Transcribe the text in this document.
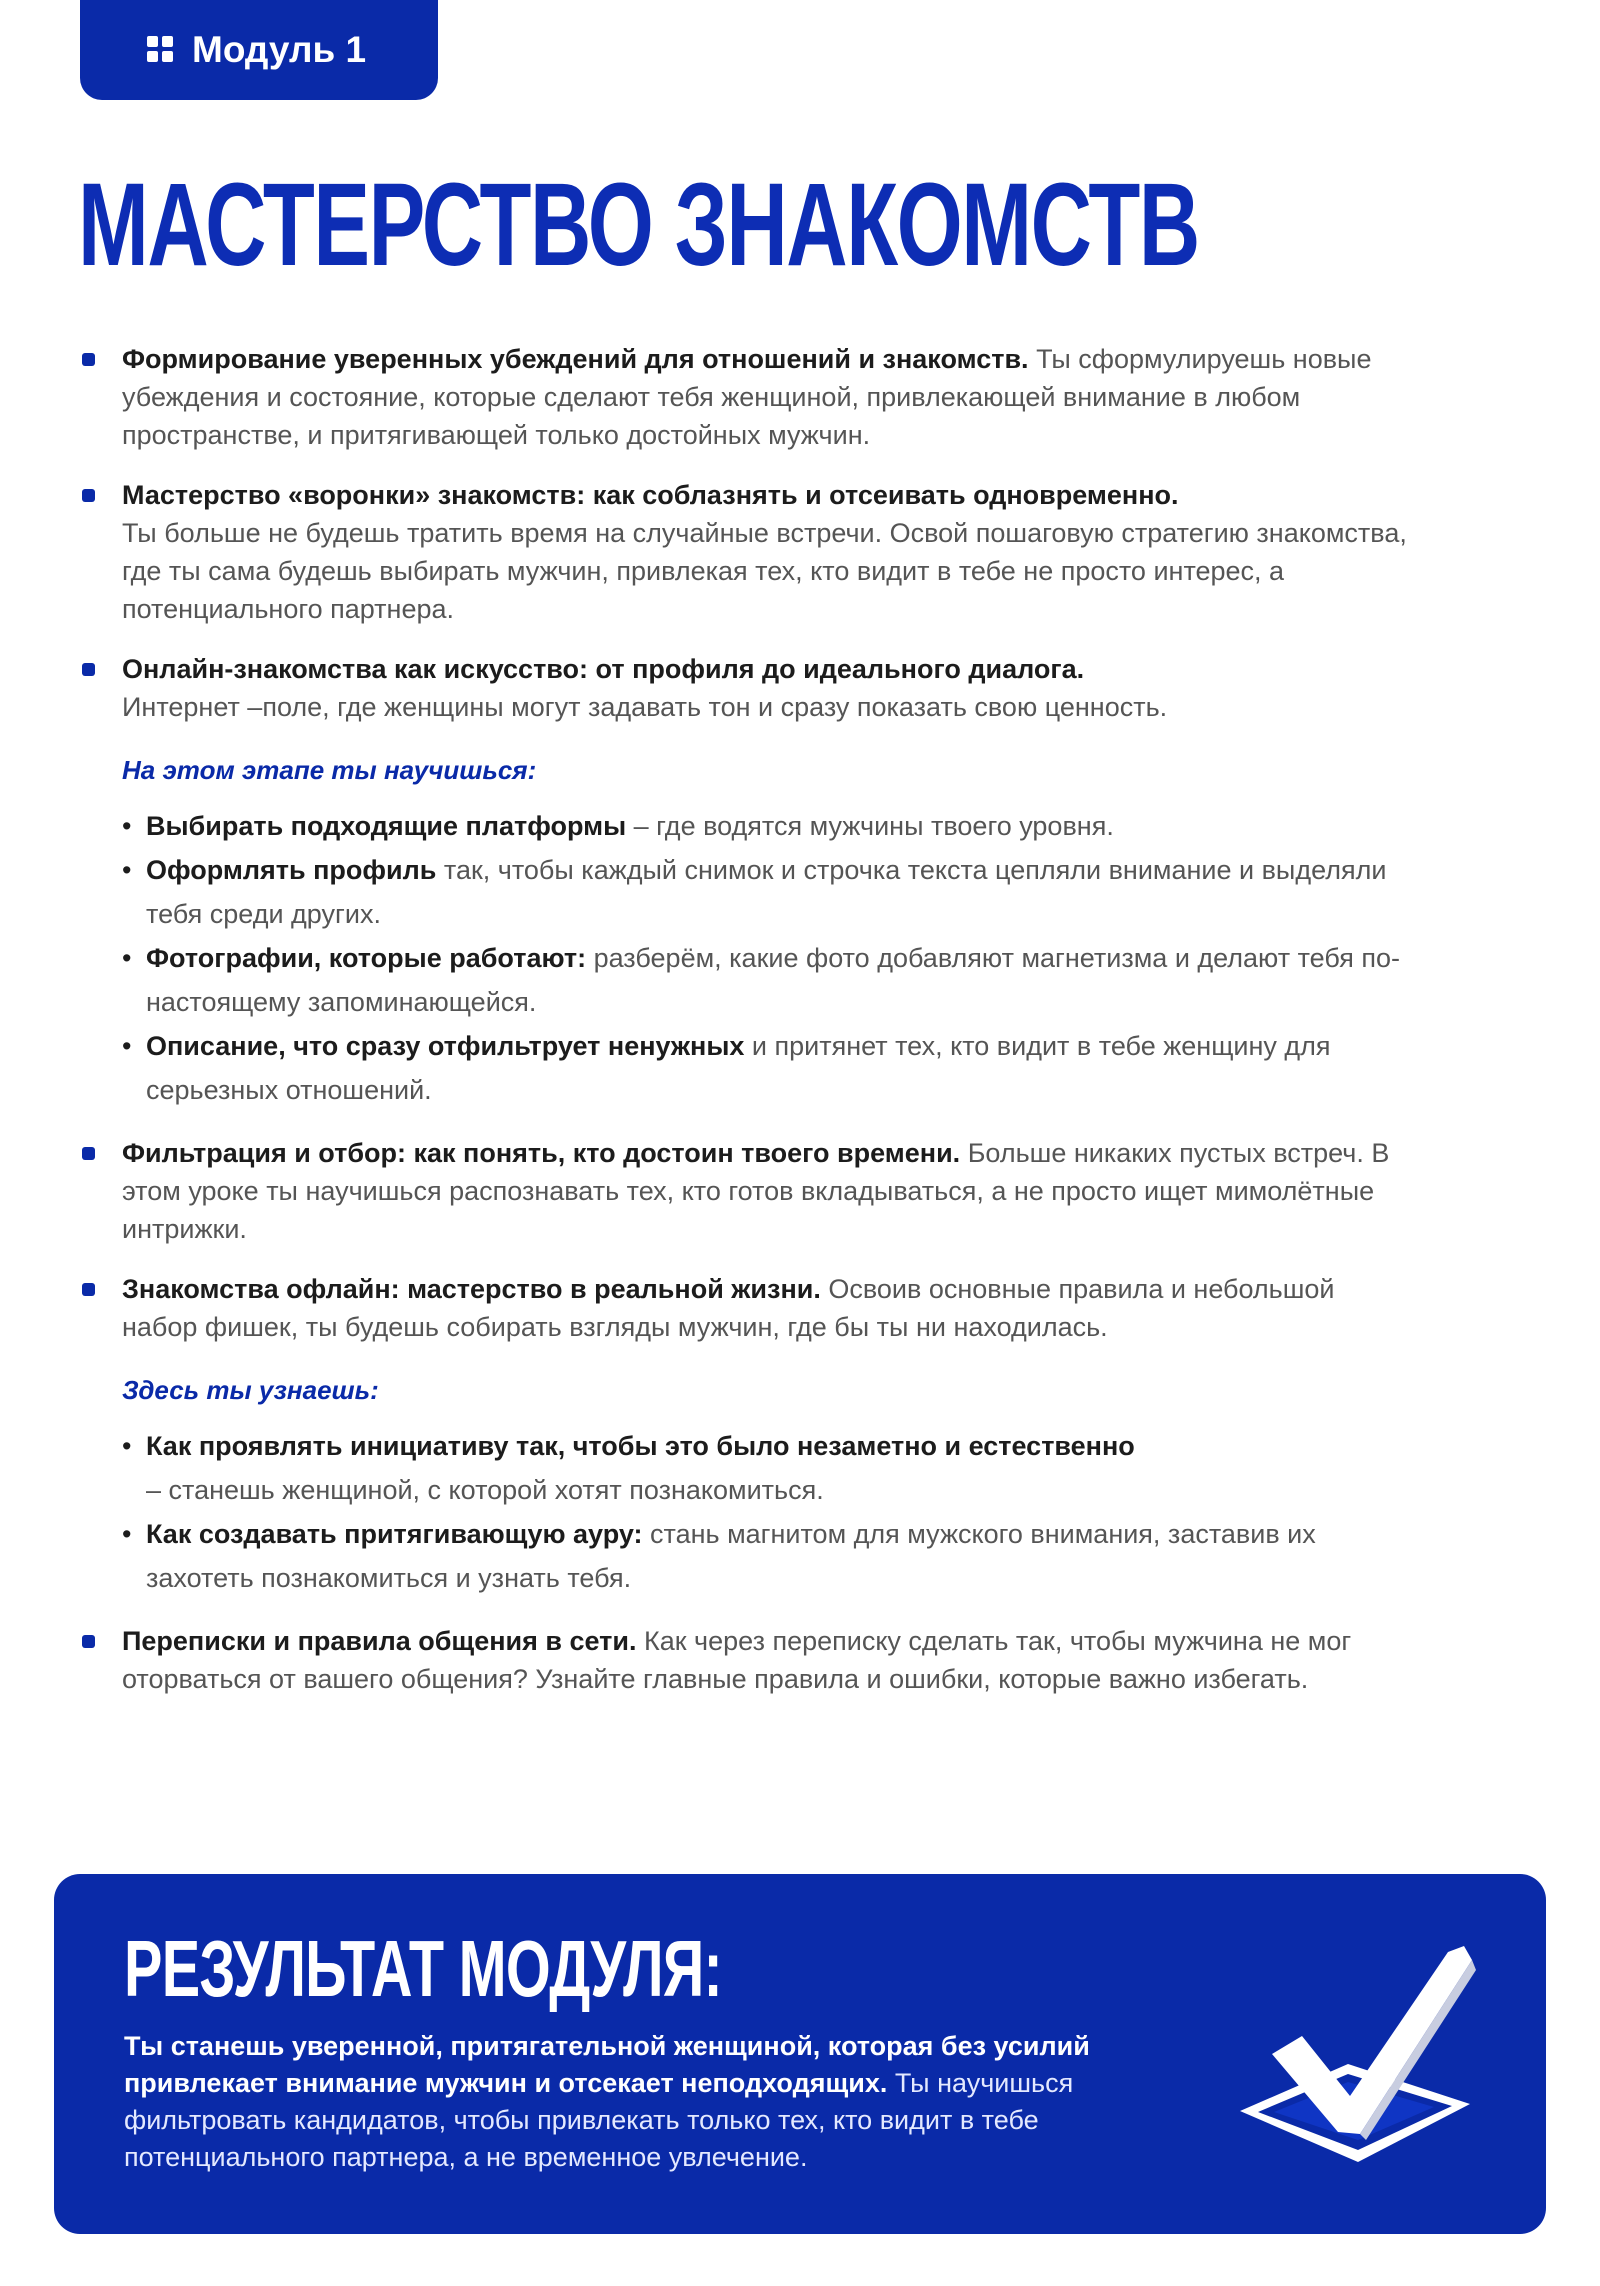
Модуль 1
МАСТЕРСТВО ЗНАКОМСТВ
Формирование уверенных убеждений для отношений и знакомств. Ты сформулируешь новые убеждения и состояние, которые сделают тебя женщиной, привлекающей внимание в любом пространстве, и притягивающей только достойных мужчин.
Мастерство «воронки» знакомств: как соблазнять и отсеивать одновременно.
Ты больше не будешь тратить время на случайные встречи. Освой пошаговую стратегию знакомства, где ты сама будешь выбирать мужчин, привлекая тех, кто видит в тебе не просто интерес, а потенциального партнера.
Онлайн-знакомства как искусство: от профиля до идеального диалога.
Интернет –поле, где женщины могут задавать тон и сразу показать свою ценность.
На этом этапе ты научишься:
• Выбирать подходящие платформы – где водятся мужчины твоего уровня.
• Оформлять профиль так, чтобы каждый снимок и строчка текста цепляли внимание и выделяли тебя среди других.
• Фотографии, которые работают: разберём, какие фото добавляют магнетизма и делают тебя по-настоящему запоминающейся.
• Описание, что сразу отфильтрует ненужных и притянет тех, кто видит в тебе женщину для серьезных отношений.
Фильтрация и отбор: как понять, кто достоин твоего времени. Больше никаких пустых встреч. В этом уроке ты научишься распознавать тех, кто готов вкладываться, а не просто ищет мимолётные интрижки.
Знакомства офлайн: мастерство в реальной жизни. Освоив основные правила и небольшой набор фишек, ты будешь собирать взгляды мужчин, где бы ты ни находилась.
Здесь ты узнаешь:
• Как проявлять инициативу так, чтобы это было незаметно и естественно
– станешь женщиной, с которой хотят познакомиться.
• Как создавать притягивающую ауру: стань магнитом для мужского внимания, заставив их захотеть познакомиться и узнать тебя.
Переписки и правила общения в сети. Как через переписку сделать так, чтобы мужчина не мог оторваться от вашего общения? Узнайте главные правила и ошибки, которые важно избегать.
РЕЗУЛЬТАТ МОДУЛЯ:
Ты станешь уверенной, притягательной женщиной, которая без усилий привлекает внимание мужчин и отсекает неподходящих. Ты научишься фильтровать кандидатов, чтобы привлекать только тех, кто видит в тебе потенциального партнера, а не временное увлечение.
